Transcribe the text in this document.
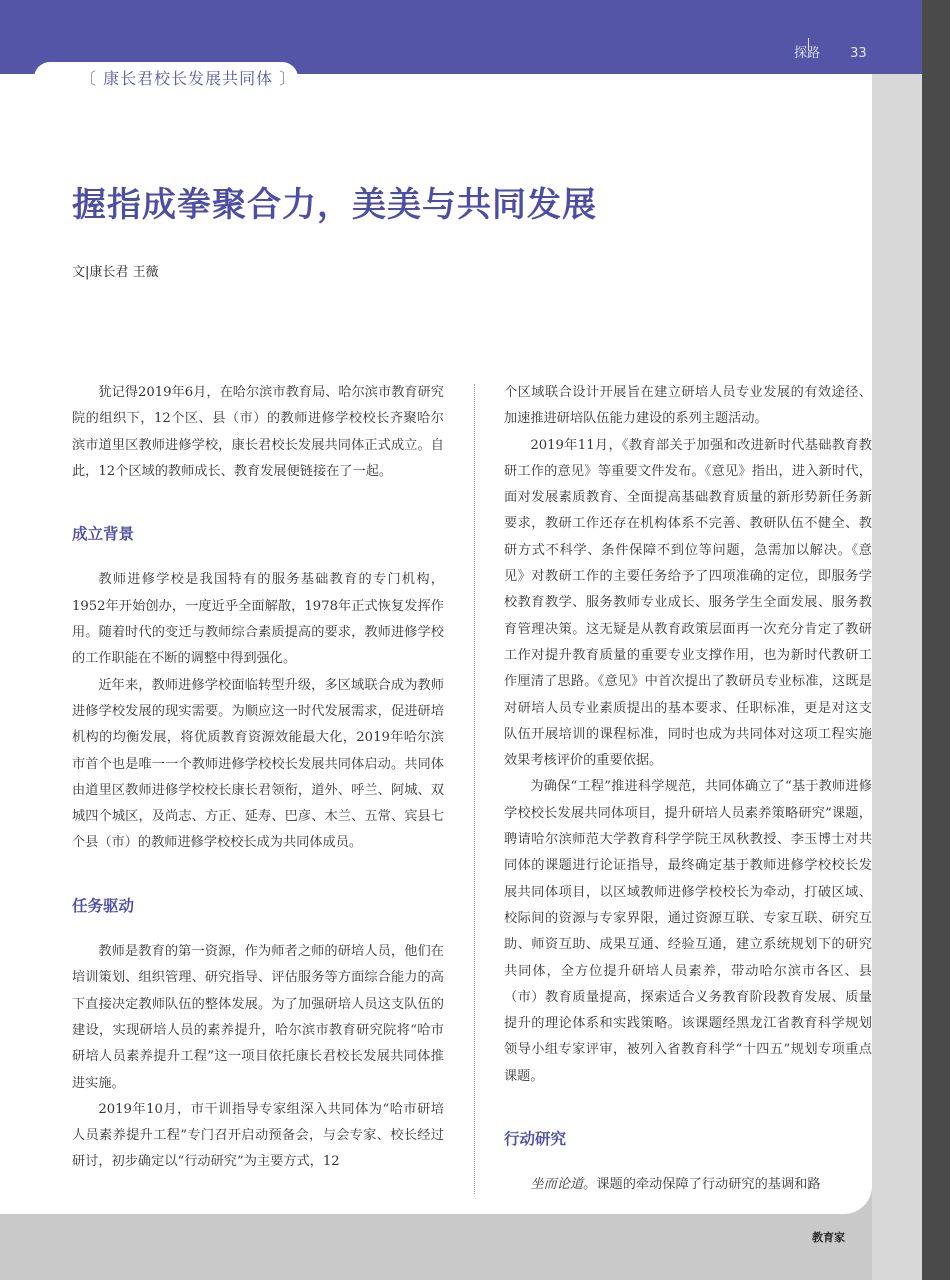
〔 康长君校长发展共同体 〕
探路 33
握指成拳聚合力，美美与共同发展
文|康长君 王薇

犹记得2019年6月，在哈尔滨市教育局、哈尔滨市教育研究院的组织下，12个区、县（市）的教师进修学校校长齐聚哈尔滨市道里区教师进修学校，康长君校长发展共同体正式成立。自此，12个区域的教师成长、教育发展便链接在了一起。

成立背景

教师进修学校是我国特有的服务基础教育的专门机构，1952年开始创办，一度近乎全面解散，1978年正式恢复发挥作用。随着时代的变迁与教师综合素质提高的要求，教师进修学校的工作职能在不断的调整中得到强化。

近年来，教师进修学校面临转型升级，多区域联合成为教师进修学校发展的现实需要。为顺应这一时代发展需求，促进研培机构的均衡发展，将优质教育资源效能最大化，2019年哈尔滨市首个也是唯一一个教师进修学校校长发展共同体启动。共同体由道里区教师进修学校校长康长君领衔，道外、呼兰、阿城、双城四个城区，及尚志、方正、延寿、巴彦、木兰、五常、宾县七个县（市）的教师进修学校校长成为共同体成员。

任务驱动

教师是教育的第一资源，作为师者之师的研培人员，他们在培训策划、组织管理、研究指导、评估服务等方面综合能力的高下直接决定教师队伍的整体发展。为了加强研培人员这支队伍的建设，实现研培人员的素养提升，哈尔滨市教育研究院将“哈市研培人员素养提升工程”这一项目依托康长君校长发展共同体推进实施。

2019年10月，市干训指导专家组深入共同体为“哈市研培人员素养提升工程”专门召开启动预备会，与会专家、校长经过研讨，初步确定以“行动研究”为主要方式，12

个区域联合设计开展旨在建立研培人员专业发展的有效途径、加速推进研培队伍能力建设的系列主题活动。

2019年11月，《教育部关于加强和改进新时代基础教育教研工作的意见》等重要文件发布。《意见》指出，进入新时代，面对发展素质教育、全面提高基础教育质量的新形势新任务新要求，教研工作还存在机构体系不完善、教研队伍不健全、教研方式不科学、条件保障不到位等问题，急需加以解决。《意见》对教研工作的主要任务给予了四项准确的定位，即服务学校教育教学、服务教师专业成长、服务学生全面发展、服务教育管理决策。这无疑是从教育政策层面再一次充分肯定了教研工作对提升教育质量的重要专业支撑作用，也为新时代教研工作厘清了思路。《意见》中首次提出了教研员专业标准，这既是对研培人员专业素质提出的基本要求、任职标准，更是对这支队伍开展培训的课程标准，同时也成为共同体对这项工程实施效果考核评价的重要依据。

为确保“工程”推进科学规范，共同体确立了“基于教师进修学校校长发展共同体项目，提升研培人员素养策略研究”课题，聘请哈尔滨师范大学教育科学学院王凤秋教授、李玉博士对共同体的课题进行论证指导，最终确定基于教师进修学校校长发展共同体项目，以区域教师进修学校校长为牵动，打破区域、校际间的资源与专家界限，通过资源互联、专家互联、研究互助、师资互助、成果互通、经验互通，建立系统规划下的研究共同体，全方位提升研培人员素养，带动哈尔滨市各区、县（市）教育质量提高，探索适合义务教育阶段教育发展、质量提升的理论体系和实践策略。该课题经黑龙江省教育科学规划领导小组专家评审，被列入省教育科学“十四五”规划专项重点课题。

行动研究

坐而论道。课题的牵动保障了行动研究的基调和路

教育家
